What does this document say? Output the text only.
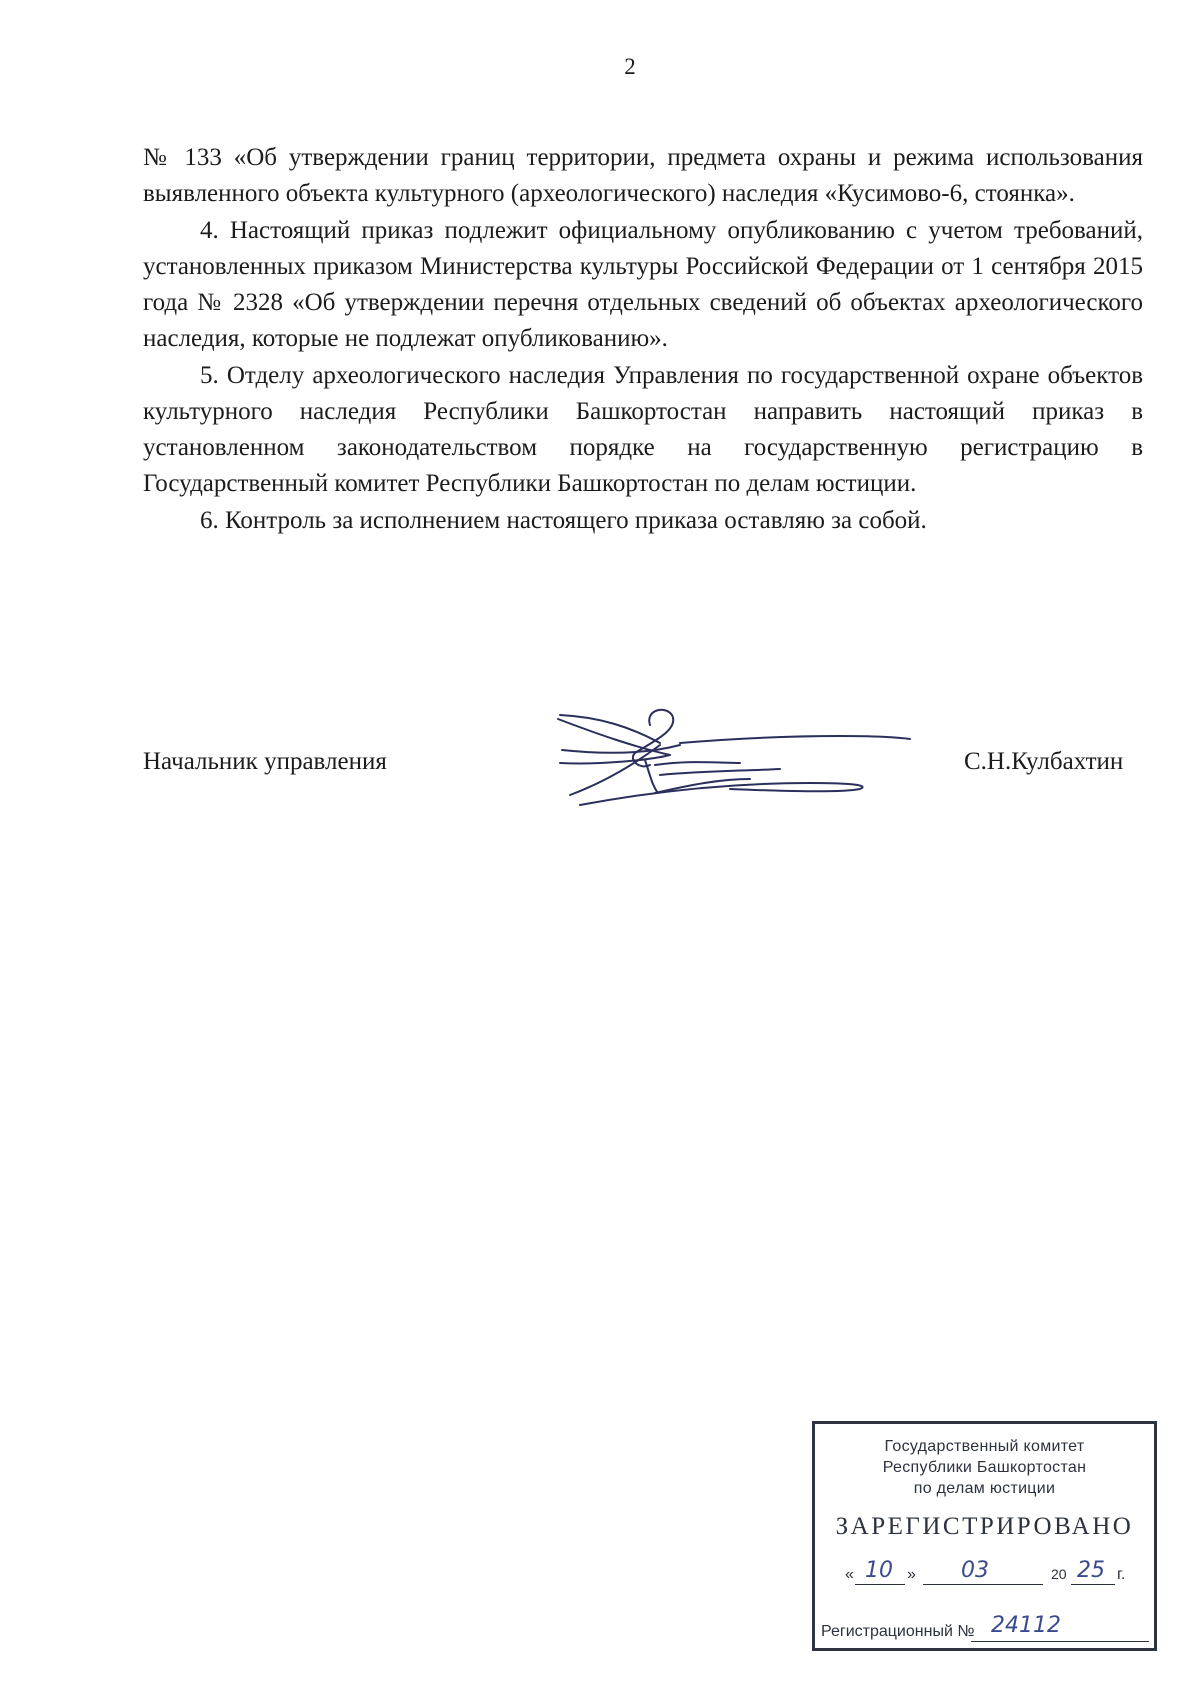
2

№ 133 «Об утверждении границ территории, предмета охраны и режима использования выявленного объекта культурного (археологического) наследия «Кусимово-6, стоянка».

4. Настоящий приказ подлежит официальному опубликованию с учетом требований, установленных приказом Министерства культуры Российской Федерации от 1 сентября 2015 года № 2328 «Об утверждении перечня отдельных сведений об объектах археологического наследия, которые не подлежат опубликованию».

5. Отделу археологического наследия Управления по государственной охране объектов культурного наследия Республики Башкортостан направить настоящий приказ в установленном законодательством порядке на государственную регистрацию в Государственный комитет Республики Башкортостан по делам юстиции.

6. Контроль за исполнением настоящего приказа оставляю за собой.

Начальник управления	С.Н.Кулбахтин
Государственный комитет
Республики Башкортостан
по делам юстиции
ЗАРЕГИСТРИРОВАНО
« 10 »	03	20 25 г.
Регистрационный № 24112
